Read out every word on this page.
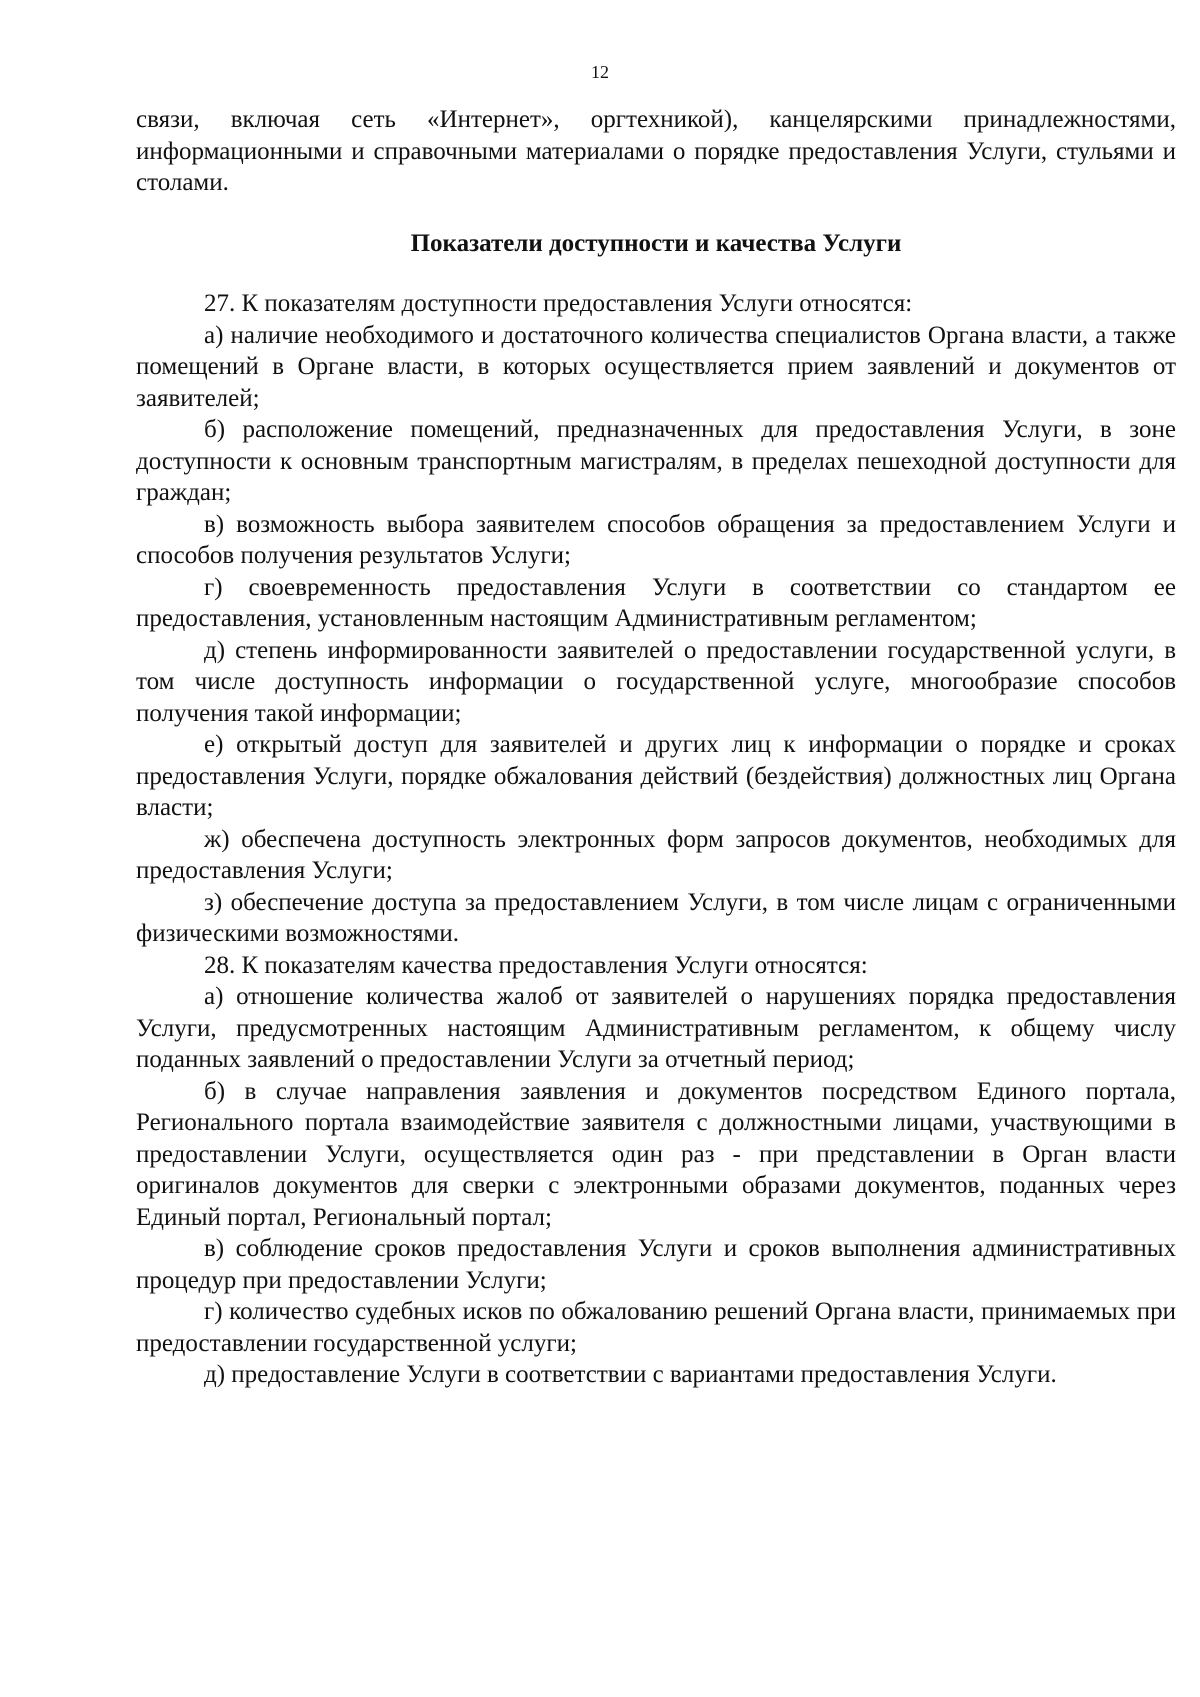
12

связи, включая сеть «Интернет», оргтехникой), канцелярскими принадлежностями, информационными и справочными материалами о порядке предоставления Услуги, стульями и столами.

Показатели доступности и качества Услуги

27. К показателям доступности предоставления Услуги относятся:

а) наличие необходимого и достаточного количества специалистов Органа власти, а также помещений в Органе власти, в которых осуществляется прием заявлений и документов от заявителей;

б) расположение помещений, предназначенных для предоставления Услуги, в зоне доступности к основным транспортным магистралям, в пределах пешеходной доступности для граждан;

в) возможность выбора заявителем способов обращения за предоставлением Услуги и способов получения результатов Услуги;

г) своевременность предоставления Услуги в соответствии со стандартом ее предоставления, установленным настоящим Административным регламентом;

д) степень информированности заявителей о предоставлении государственной услуги, в том числе доступность информации о государственной услуге, многообразие способов получения такой информации;

е) открытый доступ для заявителей и других лиц к информации о порядке и сроках предоставления Услуги, порядке обжалования действий (бездействия) должностных лиц Органа власти;

ж) обеспечена доступность электронных форм запросов документов, необходимых для предоставления Услуги;

з) обеспечение доступа за предоставлением Услуги, в том числе лицам с ограниченными физическими возможностями.

28. К показателям качества предоставления Услуги относятся:

а) отношение количества жалоб от заявителей о нарушениях порядка предоставления Услуги, предусмотренных настоящим Административным регламентом, к общему числу поданных заявлений о предоставлении Услуги за отчетный период;

б) в случае направления заявления и документов посредством Единого портала, Регионального портала взаимодействие заявителя с должностными лицами, участвующими в предоставлении Услуги, осуществляется один раз - при представлении в Орган власти оригиналов документов для сверки с электронными образами документов, поданных через Единый портал, Региональный портал;

в) соблюдение сроков предоставления Услуги и сроков выполнения административных процедур при предоставлении Услуги;

г) количество судебных исков по обжалованию решений Органа власти, принимаемых при предоставлении государственной услуги;

д) предоставление Услуги в соответствии с вариантами предоставления Услуги.
